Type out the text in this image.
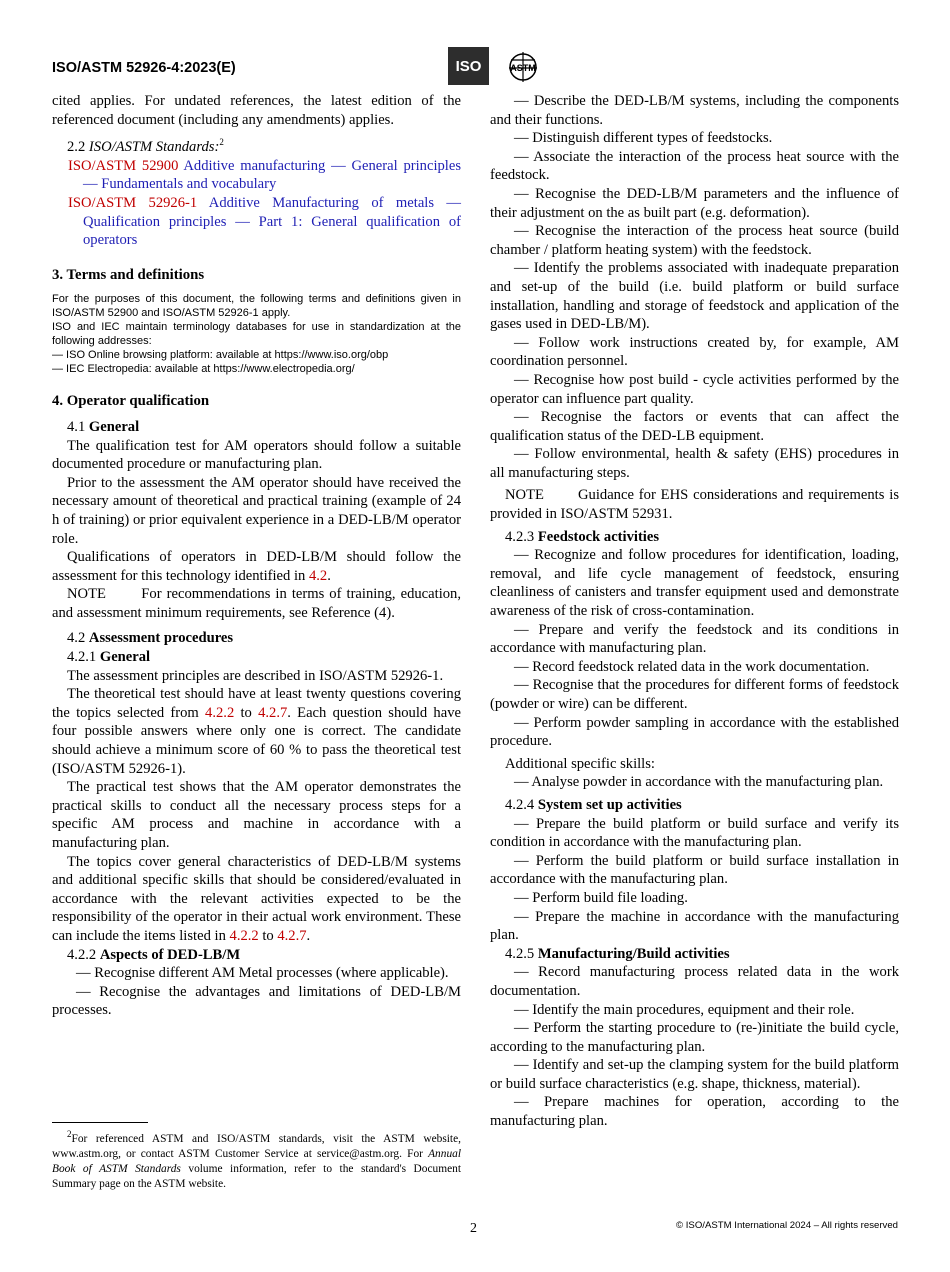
ISO/ASTM 52926-4:2023(E)	ISO	ASTM

cited applies. For undated references, the latest edition of the referenced document (including any amendments) applies.

2.2 ISO/ASTM Standards:$^2$

ISO/ASTM 52900 Additive manufacturing — General principles — Fundamentals and vocabulary

ISO/ASTM 52926-1 Additive Manufacturing of metals — Qualification principles — Part 1: General qualification of operators

3. Terms and definitions

For the purposes of this document, the following terms and definitions given in ISO/ASTM 52900 and ISO/ASTM 52926-1 apply.

ISO and IEC maintain terminology databases for use in standardization at the following addresses:

— ISO Online browsing platform: available at https://www.iso.org/obp

— IEC Electropedia: available at https://www.electropedia.org/

4. Operator qualification

4.1 General

The qualification test for AM operators should follow a suitable documented procedure or manufacturing plan.

Prior to the assessment the AM operator should have received the necessary amount of theoretical and practical training (example of 24 h of training) or prior equivalent experience in a DED-LB/M operator role.

Qualifications of operators in DED-LB/M should follow the assessment for this technology identified in 4.2.

NOTE For recommendations in terms of training, education, and assessment minimum requirements, see Reference (4).

4.2 Assessment procedures

4.2.1 General

The assessment principles are described in ISO/ASTM 52926-1.

The theoretical test should have at least twenty questions covering the topics selected from 4.2.2 to 4.2.7. Each question should have four possible answers where only one is correct. The candidate should achieve a minimum score of 60 % to pass the theoretical test (ISO/ASTM 52926-1).

The practical test shows that the AM operator demonstrates the practical skills to conduct all the necessary process steps for a specific AM process and machine in accordance with a manufacturing plan.

The topics cover general characteristics of DED-LB/M systems and additional specific skills that should be considered/evaluated in accordance with the relevant activities expected to be the responsibility of the operator in their actual work environment. These can include the items listed in 4.2.2 to 4.2.7.

4.2.2 Aspects of DED-LB/M

— Recognise different AM Metal processes (where applicable).

— Recognise the advantages and limitations of DED-LB/M processes.

$^2$For referenced ASTM and ISO/ASTM standards, visit the ASTM website, www.astm.org, or contact ASTM Customer Service at service@astm.org. For Annual Book of ASTM Standards volume information, refer to the standard's Document Summary page on the ASTM website.

— Describe the DED-LB/M systems, including the components and their functions.

— Distinguish different types of feedstocks.

— Associate the interaction of the process heat source with the feedstock.

— Recognise the DED-LB/M parameters and the influence of their adjustment on the as built part (e.g. deformation).

— Recognise the interaction of the process heat source (build chamber / platform heating system) with the feedstock.

— Identify the problems associated with inadequate preparation and set-up of the build (i.e. build platform or build surface installation, handling and storage of feedstock and application of the gases used in DED-LB/M).

— Follow work instructions created by, for example, AM coordination personnel.

— Recognise how post build - cycle activities performed by the operator can influence part quality.

— Recognise the factors or events that can affect the qualification status of the DED-LB equipment.

— Follow environmental, health & safety (EHS) procedures in all manufacturing steps.

NOTE Guidance for EHS considerations and requirements is provided in ISO/ASTM 52931.

4.2.3 Feedstock activities

— Recognize and follow procedures for identification, loading, removal, and life cycle management of feedstock, ensuring cleanliness of canisters and transfer equipment used and demonstrate awareness of the risk of cross-contamination.

— Prepare and verify the feedstock and its conditions in accordance with manufacturing plan.

— Record feedstock related data in the work documentation.

— Recognise that the procedures for different forms of feedstock (powder or wire) can be different.

— Perform powder sampling in accordance with the established procedure.

Additional specific skills:

— Analyse powder in accordance with the manufacturing plan.

4.2.4 System set up activities

— Prepare the build platform or build surface and verify its condition in accordance with the manufacturing plan.

— Perform the build platform or build surface installation in accordance with the manufacturing plan.

— Perform build file loading.

— Prepare the machine in accordance with the manufacturing plan.

4.2.5 Manufacturing/Build activities

— Record manufacturing process related data in the work documentation.

— Identify the main procedures, equipment and their role.

— Perform the starting procedure to (re-)initiate the build cycle, according to the manufacturing plan.

— Identify and set-up the clamping system for the build platform or build surface characteristics (e.g. shape, thickness, material).

— Prepare machines for operation, according to the manufacturing plan.

2	© ISO/ASTM International 2024 – All rights reserved
